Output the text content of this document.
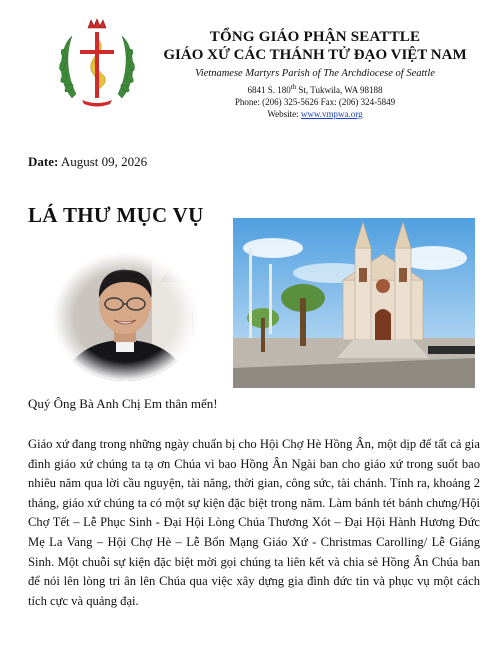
TỔNG GIÁO PHẬN SEATTLE
GIÁO XỨ CÁC THÁNH TỬ ĐẠO VIỆT NAM
Vietnamese Martyrs Parish of The Archdiocese of Seattle
6841 S. 180th St, Tukwila, WA 98188
Phone: (206) 325-5626 Fax: (206) 324-5849
Website: www.vmpwa.org
Date: August 09, 2026
LÁ THƯ MỤC VỤ
Quý Ông Bà Anh Chị Em thân mến!
Giáo xứ đang trong những ngày chuẩn bị cho Hội Chợ Hè Hồng Ân, một dịp để tất cả gia đình giáo xứ chúng ta tạ ơn Chúa vì bao Hồng Ân Ngài ban cho giáo xứ trong suốt bao nhiêu năm qua lời cầu nguyện, tài năng, thời gian, công sức, tài chánh. Tính ra, khoảng 2 tháng, giáo xứ chúng ta có một sự kiện đặc biệt trong năm. Làm bánh tét bánh chưng/Hội Chợ Tết – Lễ Phục Sinh - Đại Hội Lòng Chúa Thương Xót – Đại Hội Hành Hương Đức Mẹ La Vang – Hội Chợ Hè – Lễ Bổn Mạng Giáo Xứ - Christmas Carolling/ Lễ Giáng Sinh. Một chuỗi sự kiện đặc biệt mời gọi chúng ta liên kết và chia sẻ Hồng Ân Chúa ban để nói lên lòng tri ân lên Chúa qua việc xây dựng gia đình đức tin và phục vụ một cách tích cực và quảng đại.
